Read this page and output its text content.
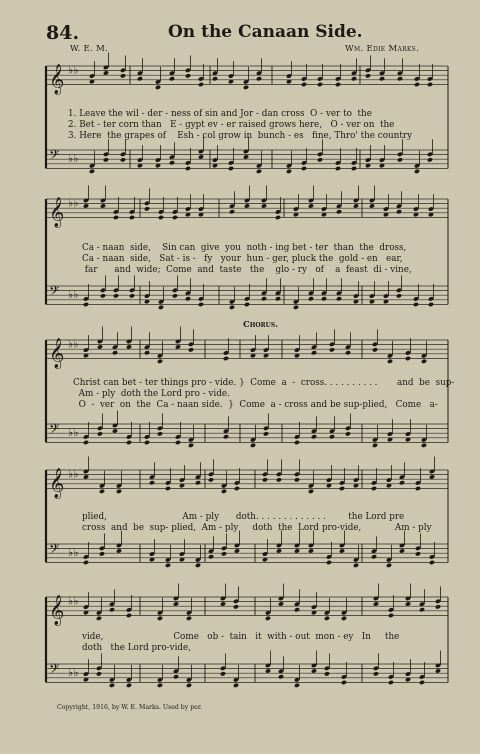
𝄞 ♭♭
𝄢 ♭♭
𝄞 ♭♭
𝄢 ♭♭
𝄞 ♭♭
𝄢 ♭♭
𝄞 ♭♭
𝄢 ♭♭
𝄞 ♭♭
𝄢 ♭♭
84.	On the Canaan Side.
W. E. M.	Wm. Edie Marks.
1. Leave the wil - der - ness of sin and Jor - dan cross  O - ver to  the
2. Bet - ter corn than   E - gypt ev - er raised grows here,   O - ver on  the
3. Here  the grapes of    Esh - col grow in  bunch - es   fine, Thro' the country
Ca - naan  side,    Sin can  give  you  noth - ing bet - ter  than  the  dross,
Ca - naan  side,   Sat - is -   fy   your  hun - ger, pluck the  gold - en   ear,
far      and  wide;  Come  and  taste   the    glo - ry   of    a  feast  di - vine,
Chorus.
Christ can bet - ter things pro - vide. }  Come  a  -  cross. . . . . . . . . .       and  be  sup-
Am - ply  doth the Lord pro - vide.
O  -  ver  on  the  Ca - naan side.  }  Come  a - cross and be sup-plied,   Come   a-
plied,                           Am - ply      doth. . . . . . . . . . . . .        the Lord pre
cross  and  be  sup- plied,  Am - ply     doth  the  Lord pro-vide,            Am - ply
vide,                         Come   ob -  tain   it  with - out  mon - ey   In     the
doth   the Lord pro-vide,
Copyright, 1916, by W. E. Marks. Used by per.
